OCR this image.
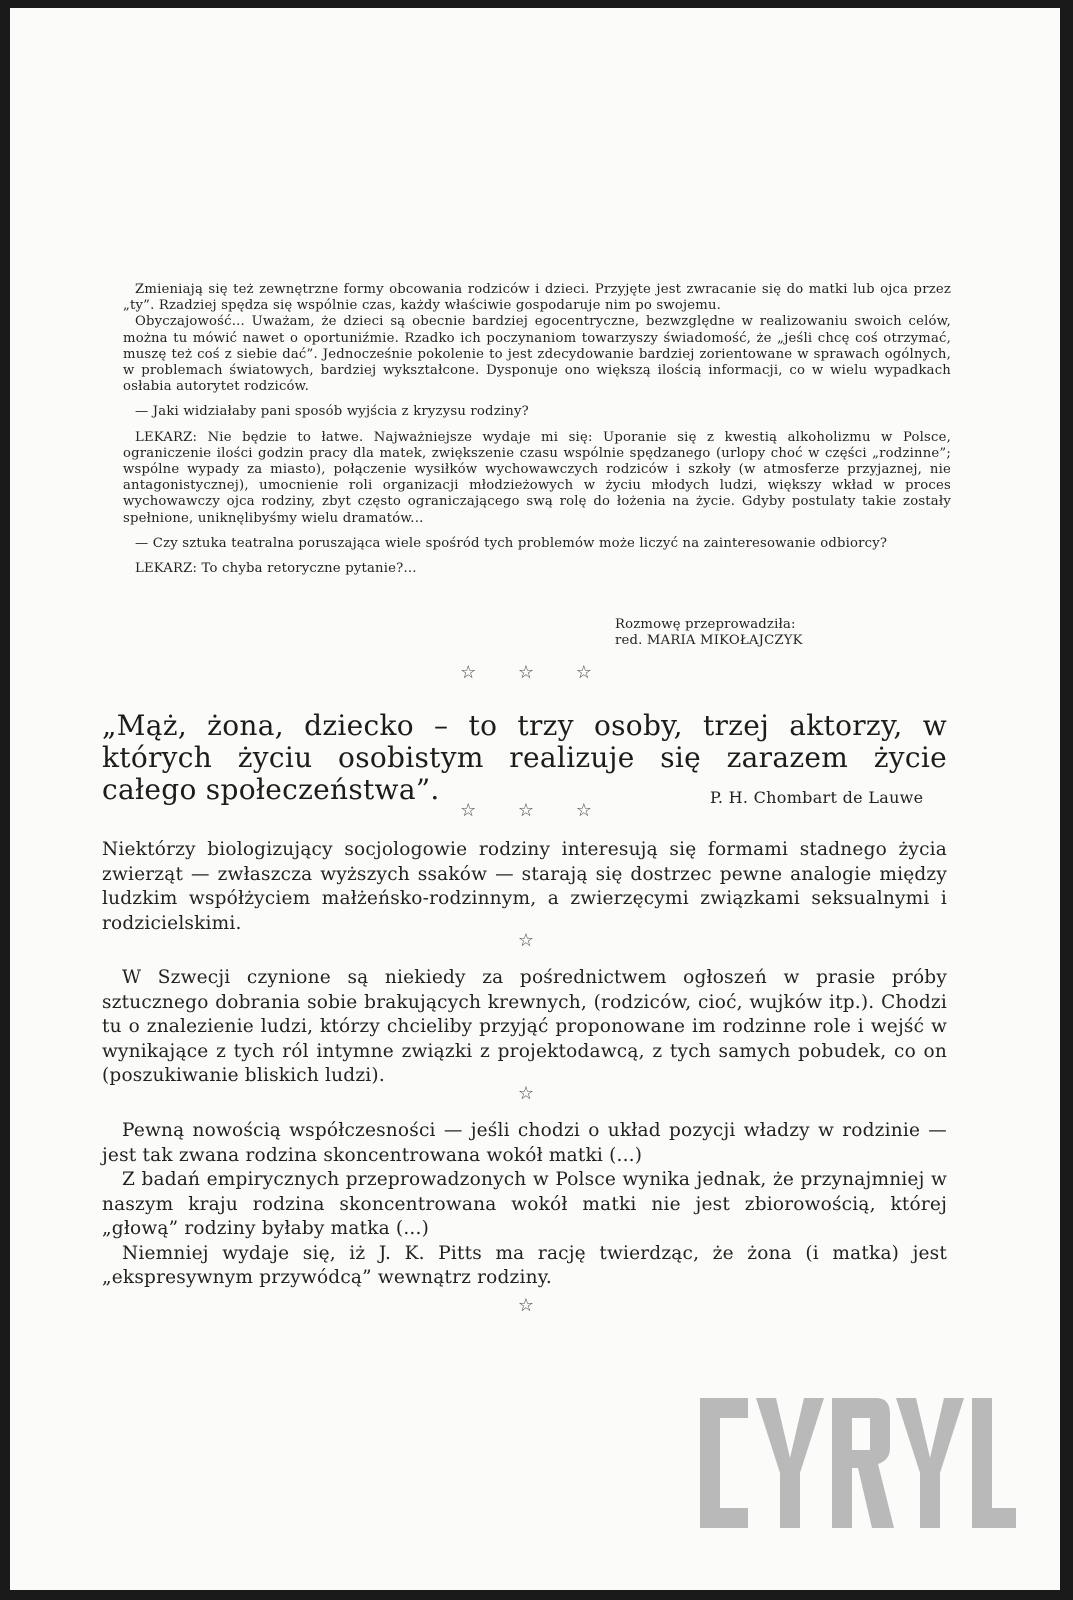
Zmieniają się też zewnętrzne formy obcowania rodziców i dzieci. Przyjęte jest zwracanie się do matki lub ojca przez „ty”. Rzadziej spędza się wspólnie czas, każdy właściwie gospodaruje nim po swojemu.

Obyczajowość... Uważam, że dzieci są obecnie bardziej egocentryczne, bezwzględne w realizowaniu swoich celów, można tu mówić nawet o oportuniźmie. Rzadko ich poczynaniom towarzyszy świadomość, że „jeśli chcę coś otrzymać, muszę też coś z siebie dać”. Jednocześnie pokolenie to jest zdecydowanie bardziej zorientowane w sprawach ogólnych, w problemach światowych, bardziej wykształcone. Dysponuje ono większą ilością informacji, co w wielu wypadkach osłabia autorytet rodziców.

— Jaki widziałaby pani sposób wyjścia z kryzysu rodziny?

LEKARZ: Nie będzie to łatwe. Najważniejsze wydaje mi się: Uporanie się z kwestią alkoholizmu w Polsce, ograniczenie ilości godzin pracy dla matek, zwiększenie czasu wspólnie spędzanego (urlopy choć w części „rodzinne”; wspólne wypady za miasto), połączenie wysiłków wychowawczych rodziców i szkoły (w atmosferze przyjaznej, nie antagonistycznej), umocnienie roli organizacji młodzieżowych w życiu młodych ludzi, większy wkład w proces wychowawczy ojca rodziny, zbyt często ograniczającego swą rolę do łożenia na życie. Gdyby postulaty takie zostały spełnione, uniknęlibyśmy wielu dramatów...

— Czy sztuka teatralna poruszająca wiele spośród tych problemów może liczyć na zainteresowanie odbiorcy?

LEKARZ: To chyba retoryczne pytanie?...

Rozmowę przeprowadziła:
red. MARIA MIKOŁAJCZYK
☆ ☆ ☆
„Mąż, żona, dziecko – to trzy osoby, trzej aktorzy, w których życiu osobistym realizuje się zarazem życie całego społeczeństwa”.	P. H. Chombart de Lauwe
☆ ☆ ☆

Niektórzy biologizujący socjologowie rodziny interesują się formami stadnego życia zwierząt — zwłaszcza wyższych ssaków — starają się dostrzec pewne analogie między ludzkim współżyciem małżeńsko-rodzinnym, a zwierzęcymi związkami seksualnymi i rodzicielskimi.

☆

W Szwecji czynione są niekiedy za pośrednictwem ogłoszeń w prasie próby sztucznego dobrania sobie brakujących krewnych, (rodziców, cioć, wujków itp.). Chodzi tu o znalezienie ludzi, którzy chcieliby przyjąć proponowane im rodzinne role i wejść w wynikające z tych ról intymne związki z projektodawcą, z tych samych pobudek, co on (poszukiwanie bliskich ludzi).

☆

Pewną nowością współczesności — jeśli chodzi o układ pozycji władzy w rodzinie — jest tak zwana rodzina skoncentrowana wokół matki (...)

Z badań empirycznych przeprowadzonych w Polsce wynika jednak, że przynajmniej w naszym kraju rodzina skoncentrowana wokół matki nie jest zbiorowością, której „głową” rodziny byłaby matka (...)

Niemniej wydaje się, iż J. K. Pitts ma rację twierdząc, że żona (i matka) jest „ekspresywnym przywódcą” wewnątrz rodziny.

☆
